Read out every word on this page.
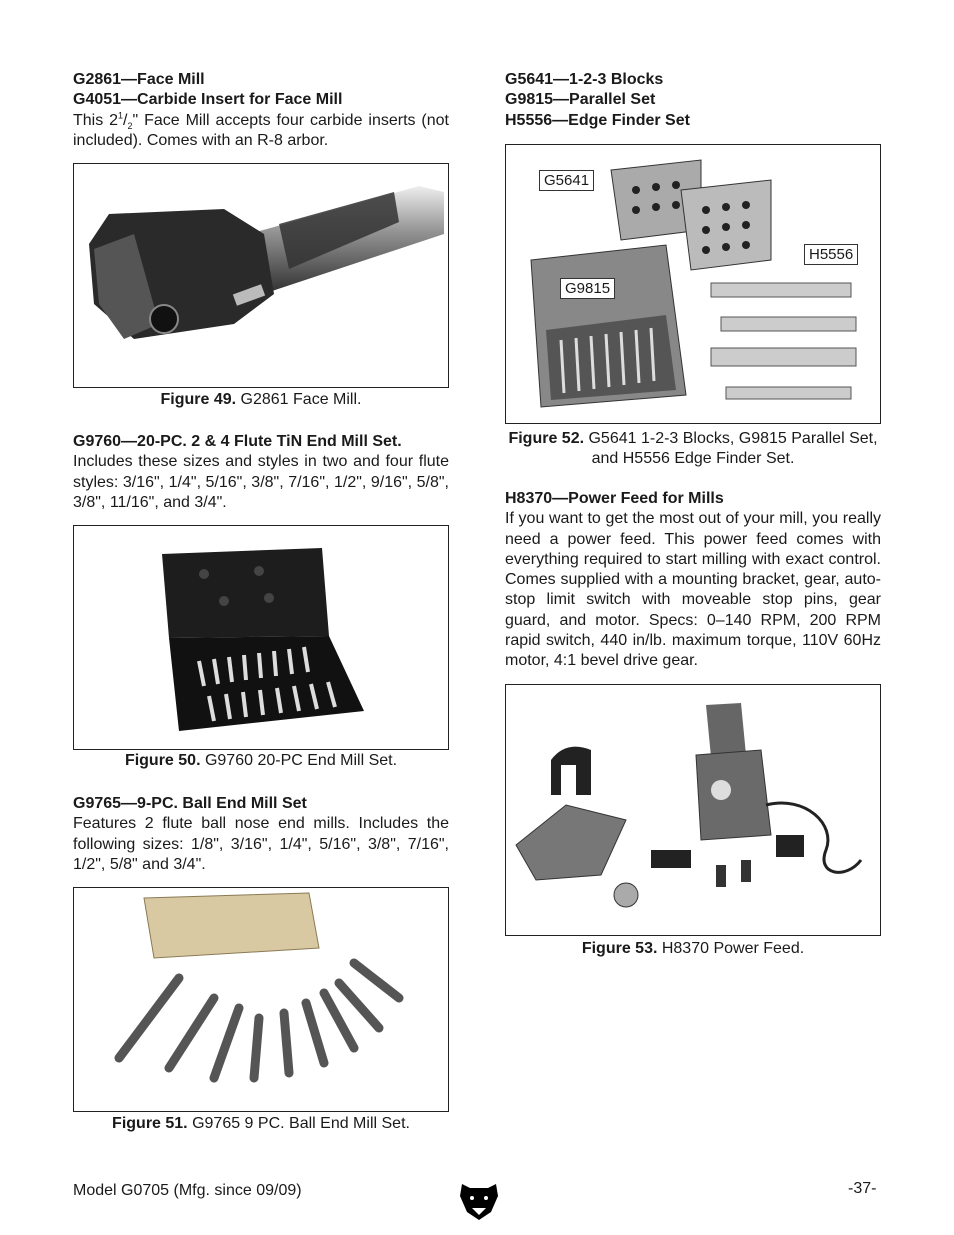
G2861—Face Mill

G4051—Carbide Insert for Face Mill

This $2^1/_2$" Face Mill accepts four carbide inserts (not included). Comes with an R-8 arbor.

Figure 49. G2861 Face Mill.

G9760—20-PC. 2 & 4 Flute TiN End Mill Set.

Includes these sizes and styles in two and four flute styles: 3/16", 1/4", 5/16", 3/8", 7/16", 1/2", 9/16", 5/8", 3/8", 11/16", and 3/4".

Figure 50. G9760 20-PC End Mill Set.

G9765—9-PC. Ball End Mill Set

Features 2 flute ball nose end mills. Includes the following sizes: 1/8", 3/16", 1/4", 5/16", 3/8", 7/16", 1/2", 5/8" and 3/4".

Figure 51. G9765 9 PC. Ball End Mill Set.

G5641—1-2-3 Blocks

G9815—Parallel Set

H5556—Edge Finder Set

G5641
G9815
H5556
Figure 52. G5641 1-2-3 Blocks, G9815 Parallel Set, and H5556 Edge Finder Set.

H8370—Power Feed for Mills

If you want to get the most out of your mill, you really need a power feed. This power feed comes with everything required to start milling with exact control. Comes supplied with a mounting bracket, gear, auto-stop limit switch with moveable stop pins, gear guard, and motor. Specs: 0–140 RPM, 200 RPM rapid switch, 440 in/lb. maximum torque, 110V 60Hz motor, 4:1 bevel drive gear.

Figure 53. H8370 Power Feed.
Model G0705 (Mfg. since 09/09)	-37-
